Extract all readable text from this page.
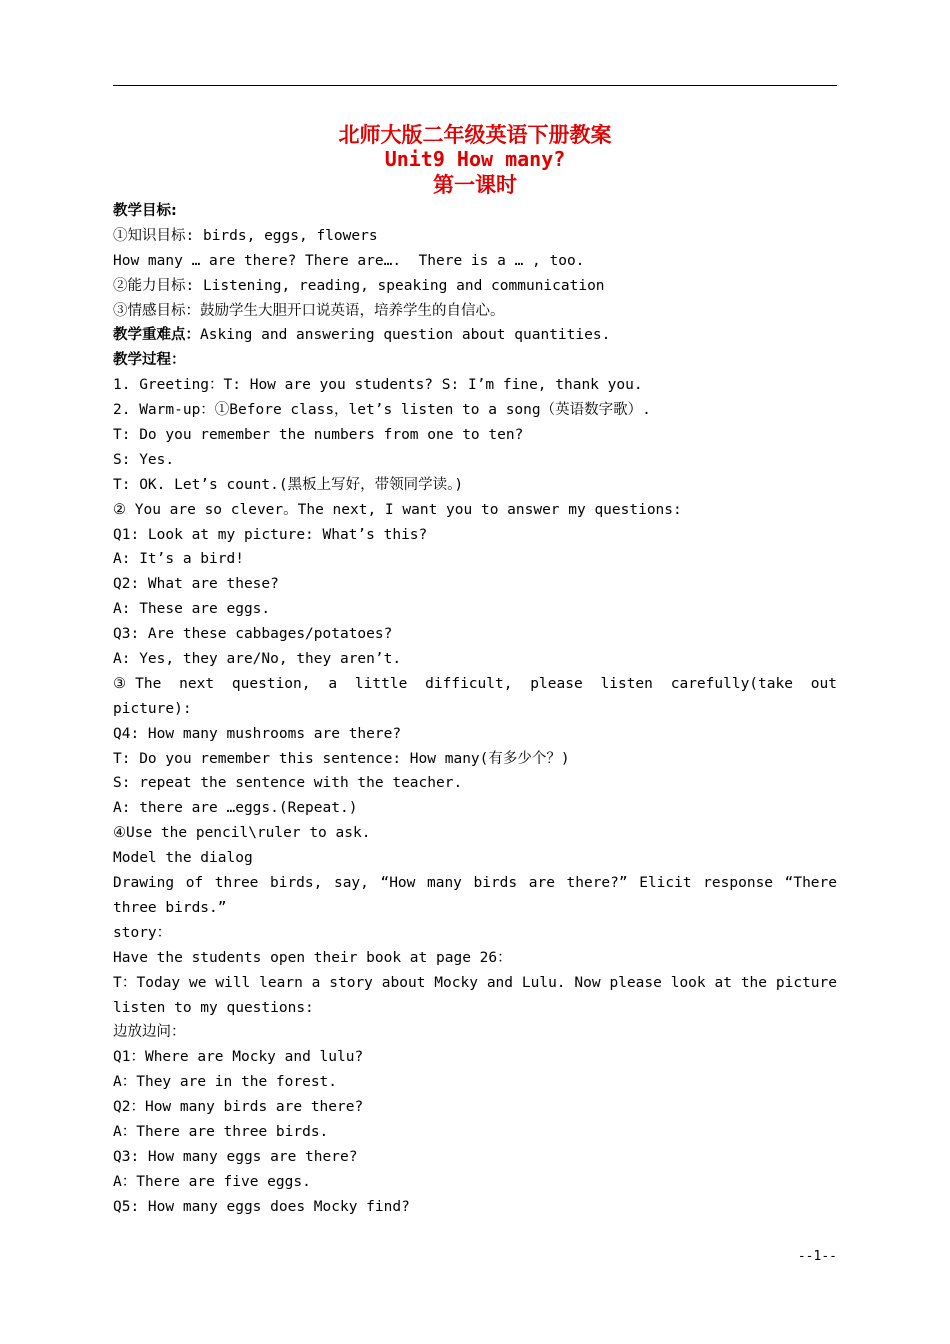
北师大版二年级英语下册教案
Unit9 How many?
第一课时
教学目标:
①知识目标: birds, eggs, flowers
How many … are there? There are….  There is a … , too.
②能力目标: Listening, reading, speaking and communication
③情感目标：鼓励学生大胆开口说英语，培养学生的自信心。
教学重难点：Asking and answering question about quantities.
教学过程：
1. Greeting：T: How are you students? S: I’m fine, thank you.
2. Warm-up：①Before class，let’s listen to a song（英语数字歌）.
T: Do you remember the numbers from one to ten?
S: Yes.
T: OK. Let’s count.(黑板上写好，带领同学读。)
② You are so clever。The next, I want you to answer my questions:
Q1: Look at my picture: What’s this?
A: It’s a bird!
Q2: What are these?
A: These are eggs.
Q3: Are these cabbages/potatoes?
A: Yes, they are/No, they aren’t.
③The next question, a little difficult, please listen carefully(take out
picture):
Q4: How many mushrooms are there?
T: Do you remember this sentence: How many(有多少个？)
S: repeat the sentence with the teacher.
A: there are …eggs.(Repeat.)
④Use the pencil\ruler to ask.
Model the dialog
Drawing of three birds, say, “How many birds are there?” Elicit response “There
three birds.”
story：
Have the students open their book at page 26：
T：Today we will learn a story about Mocky and Lulu. Now please look at the picture
listen to my questions:
边放边问：
Q1：Where are Mocky and lulu?
A：They are in the forest.
Q2：How many birds are there?
A：There are three birds.
Q3: How many eggs are there?
A：There are five eggs.
Q5: How many eggs does Mocky find?
--1--
